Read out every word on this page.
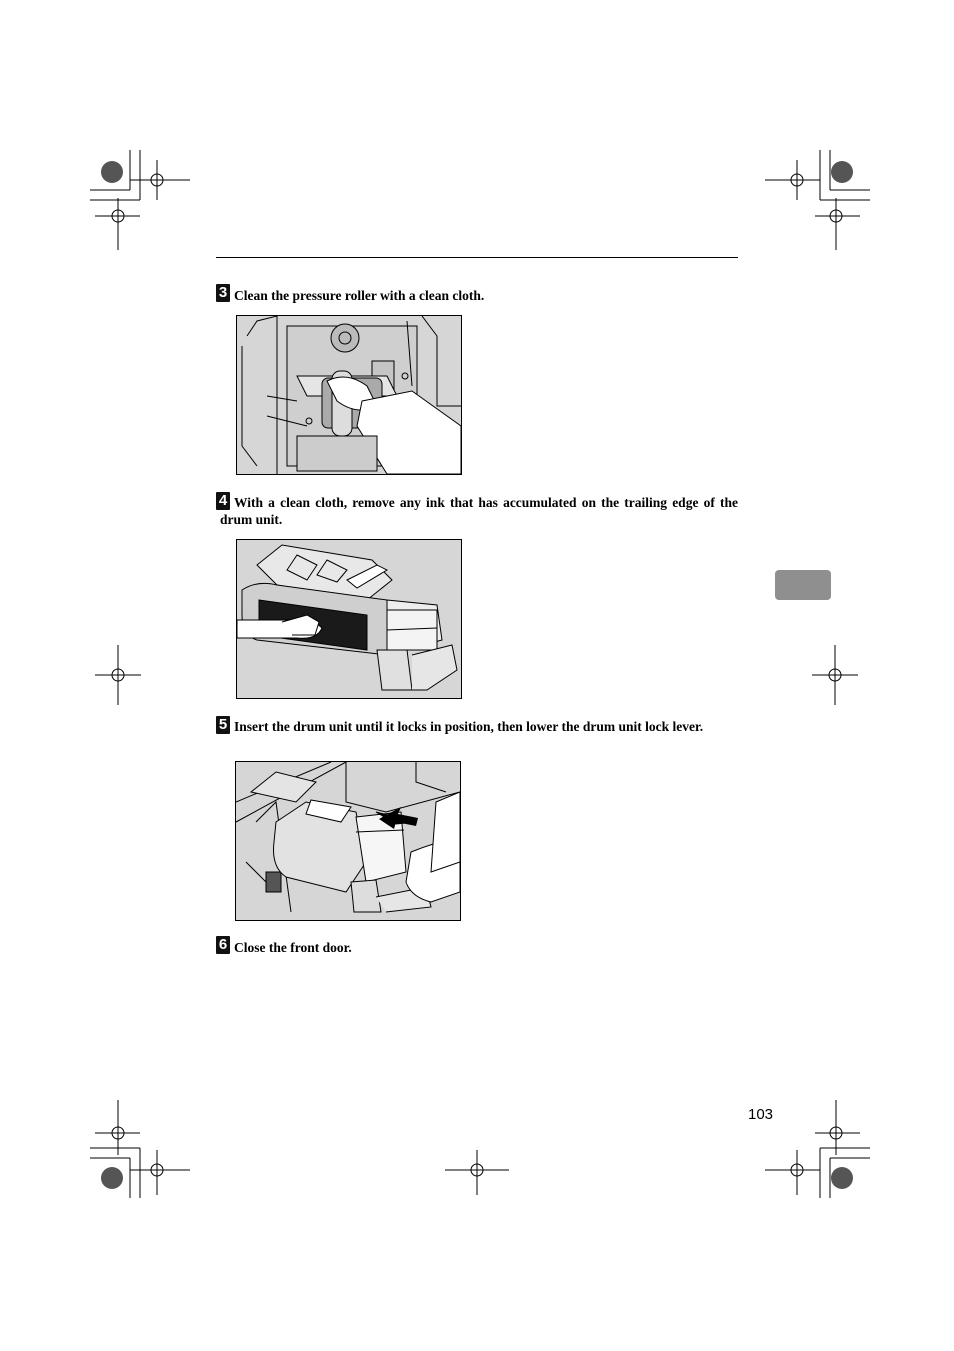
3 Clean the pressure roller with a clean cloth.
4 With a clean cloth, remove any ink that has accumulated on the trailing edge of the drum unit.
5 Insert the drum unit until it locks in position, then lower the drum unit lock lever.
6 Close the front door.
103
